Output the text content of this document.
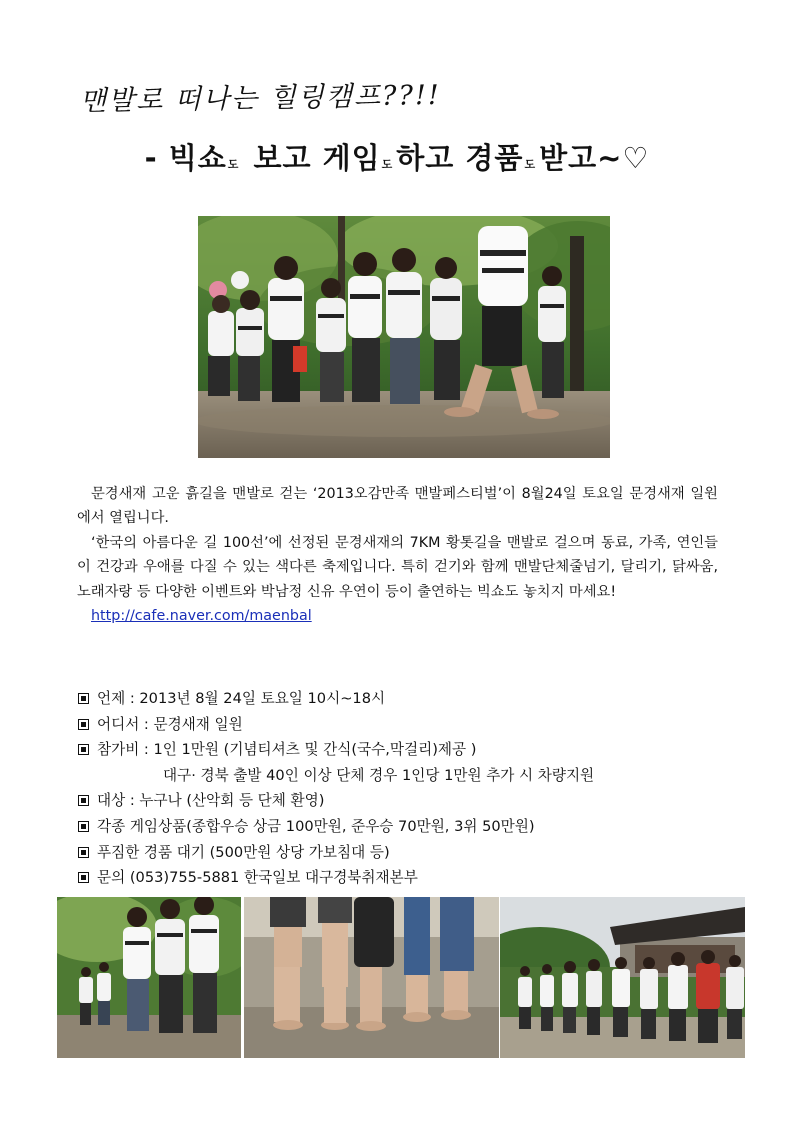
맨발로 떠나는 힐링캠프??!!
- 빅쇼도 보고 게임도 하고 경품도 받고~♡

문경새재 고운 흙길을 맨발로 걷는 ‘2013오감만족 맨발페스티벌’이 8월24일 토요일 문경새재 일원에서 열립니다.

‘한국의 아름다운 길 100선’에 선정된 문경새재의 7KM 황톳길을 맨발로 걸으며 동료, 가족, 연인들이 건강과 우애를 다질 수 있는 색다른 축제입니다. 특히 걷기와 함께 맨발단체줄넘기, 달리기, 닭싸움, 노래자랑 등 다양한 이벤트와 박남정 신유 우연이 등이 출연하는 빅쇼도 놓치지 마세요!

http://cafe.naver.com/maenbal
언제 : 2013년 8월 24일 토요일 10시~18시
어디서 : 문경새재 일원
참가비 : 1인 1만원 (기념티셔츠 및 간식(국수,막걸리)제공 )
대구· 경북 출발 40인 이상 단체 경우 1인당 1만원 추가 시 차량지원
대상 : 누구나 (산악회 등 단체 환영)
각종 게임상품(종합우승 상금 100만원, 준우승 70만원, 3위 50만원)
푸짐한 경품 대기 (500만원 상당 가보침대 등)
문의 (053)755-5881 한국일보 대구경북취재본부
